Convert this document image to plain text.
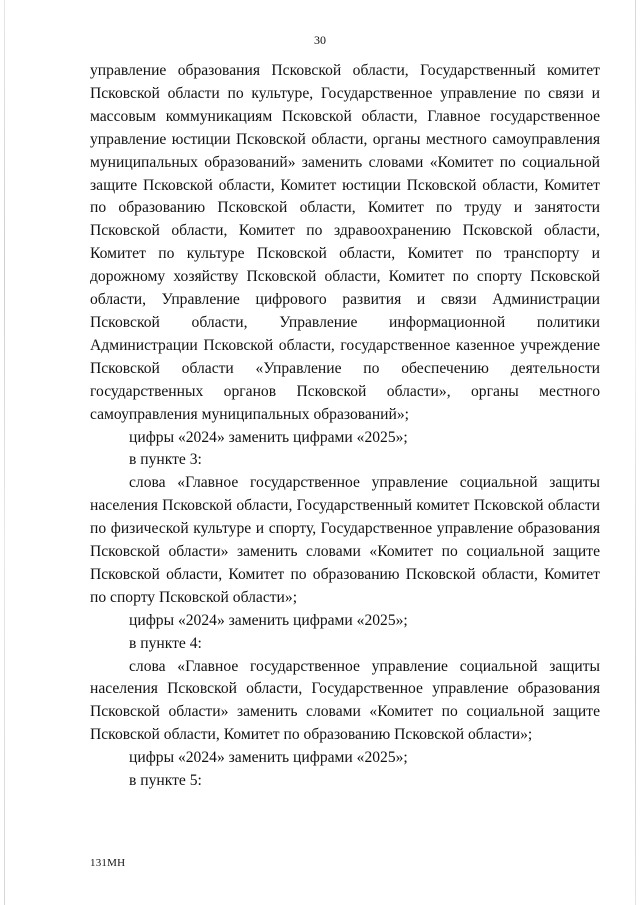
30

управление образования Псковской области, Государственный комитет Псковской области по культуре, Государственное управление по связи и массовым коммуникациям Псковской области, Главное государственное управление юстиции Псковской области, органы местного самоуправления муниципальных образований» заменить словами «Комитет по социальной защите Псковской области, Комитет юстиции Псковской области, Комитет по образованию Псковской области, Комитет по труду и занятости Псковской области, Комитет по здравоохранению Псковской области, Комитет по культуре Псковской области, Комитет по транспорту и дорожному хозяйству Псковской области, Комитет по спорту Псковской области, Управление цифрового развития и связи Администрации Псковской области, Управление информационной политики Администрации Псковской области, государственное казенное учреждение Псковской области «Управление по обеспечению деятельности государственных органов Псковской области», органы местного самоуправления муниципальных образований»;

цифры «2024» заменить цифрами «2025»;

в пункте 3:

слова «Главное государственное управление социальной защиты населения Псковской области, Государственный комитет Псковской области по физической культуре и спорту, Государственное управление образования Псковской области» заменить словами «Комитет по социальной защите Псковской области, Комитет по образованию Псковской области, Комитет по спорту Псковской области»;

цифры «2024» заменить цифрами «2025»;

в пункте 4:

слова «Главное государственное управление социальной защиты населения Псковской области, Государственное управление образования Псковской области» заменить словами «Комитет по социальной защите Псковской области, Комитет по образованию Псковской области»;

цифры «2024» заменить цифрами «2025»;

в пункте 5:

131МН
